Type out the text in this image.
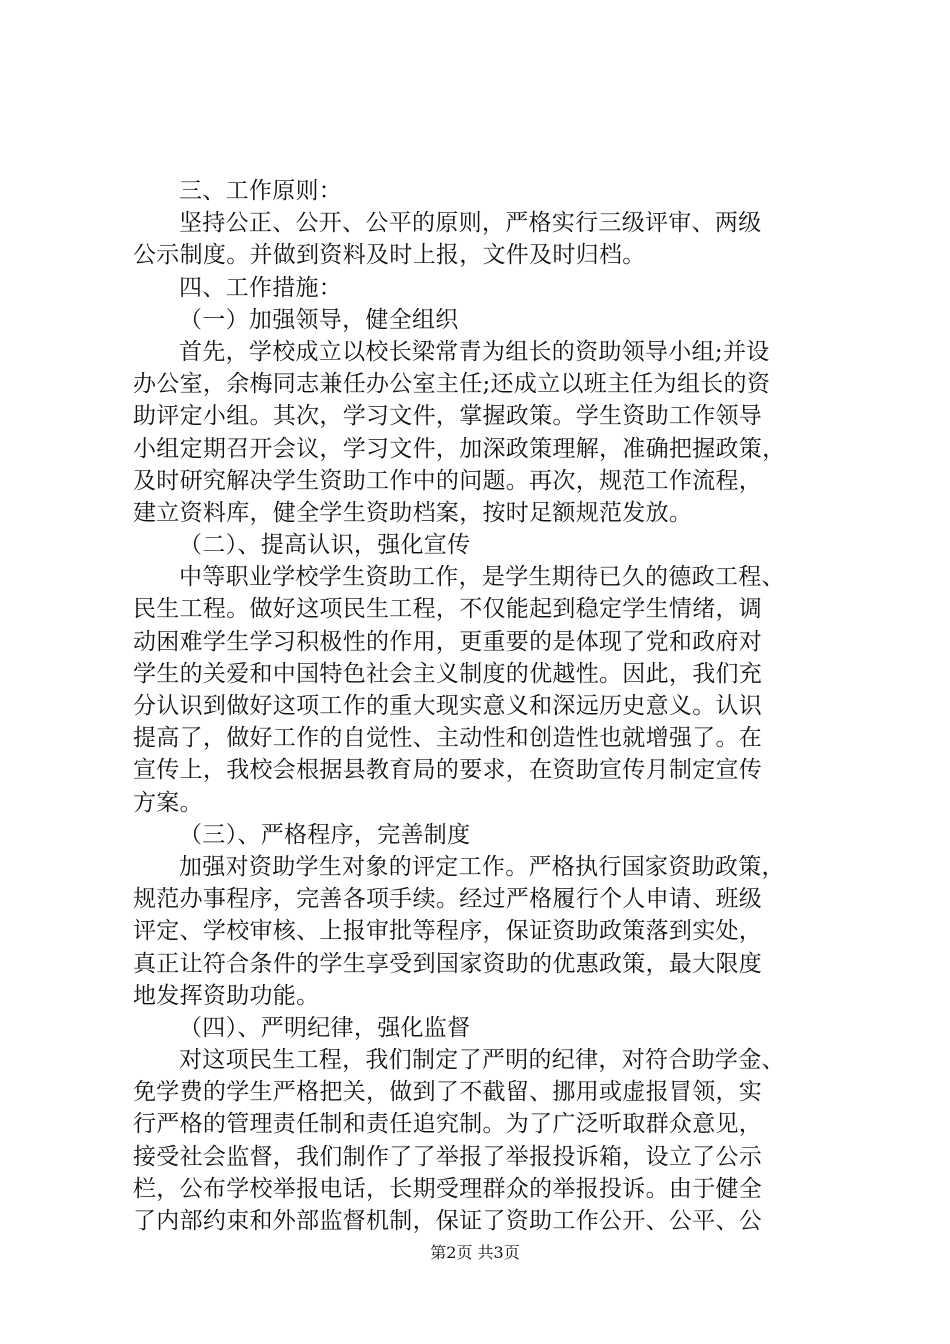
三、工作原则：
坚持公正、公开、公平的原则，严格实行三级评审、两级
公示制度。并做到资料及时上报，文件及时归档。
四、工作措施：
（一）加强领导，健全组织
首先，学校成立以校长梁常青为组长的资助领导小组;并设
办公室，余梅同志兼任办公室主任;还成立以班主任为组长的资
助评定小组。其次，学习文件，掌握政策。学生资助工作领导
小组定期召开会议，学习文件，加深政策理解，准确把握政策，
及时研究解决学生资助工作中的问题。再次，规范工作流程，
建立资料库，健全学生资助档案，按时足额规范发放。
（二）、提高认识，强化宣传
中等职业学校学生资助工作，是学生期待已久的德政工程、
民生工程。做好这项民生工程，不仅能起到稳定学生情绪，调
动困难学生学习积极性的作用，更重要的是体现了党和政府对
学生的关爱和中国特色社会主义制度的优越性。因此，我们充
分认识到做好这项工作的重大现实意义和深远历史意义。认识
提高了，做好工作的自觉性、主动性和创造性也就增强了。在
宣传上，我校会根据县教育局的要求，在资助宣传月制定宣传
方案。
（三）、严格程序，完善制度
加强对资助学生对象的评定工作。严格执行国家资助政策，
规范办事程序，完善各项手续。经过严格履行个人申请、班级
评定、学校审核、上报审批等程序，保证资助政策落到实处，
真正让符合条件的学生享受到国家资助的优惠政策，最大限度
地发挥资助功能。
（四）、严明纪律，强化监督
对这项民生工程，我们制定了严明的纪律，对符合助学金、
免学费的学生严格把关，做到了不截留、挪用或虚报冒领，实
行严格的管理责任制和责任追究制。为了广泛听取群众意见，
接受社会监督，我们制作了了举报了举报投诉箱，设立了公示
栏，公布学校举报电话，长期受理群众的举报投诉。由于健全
了内部约束和外部监督机制，保证了资助工作公开、公平、公
第2页 共3页
